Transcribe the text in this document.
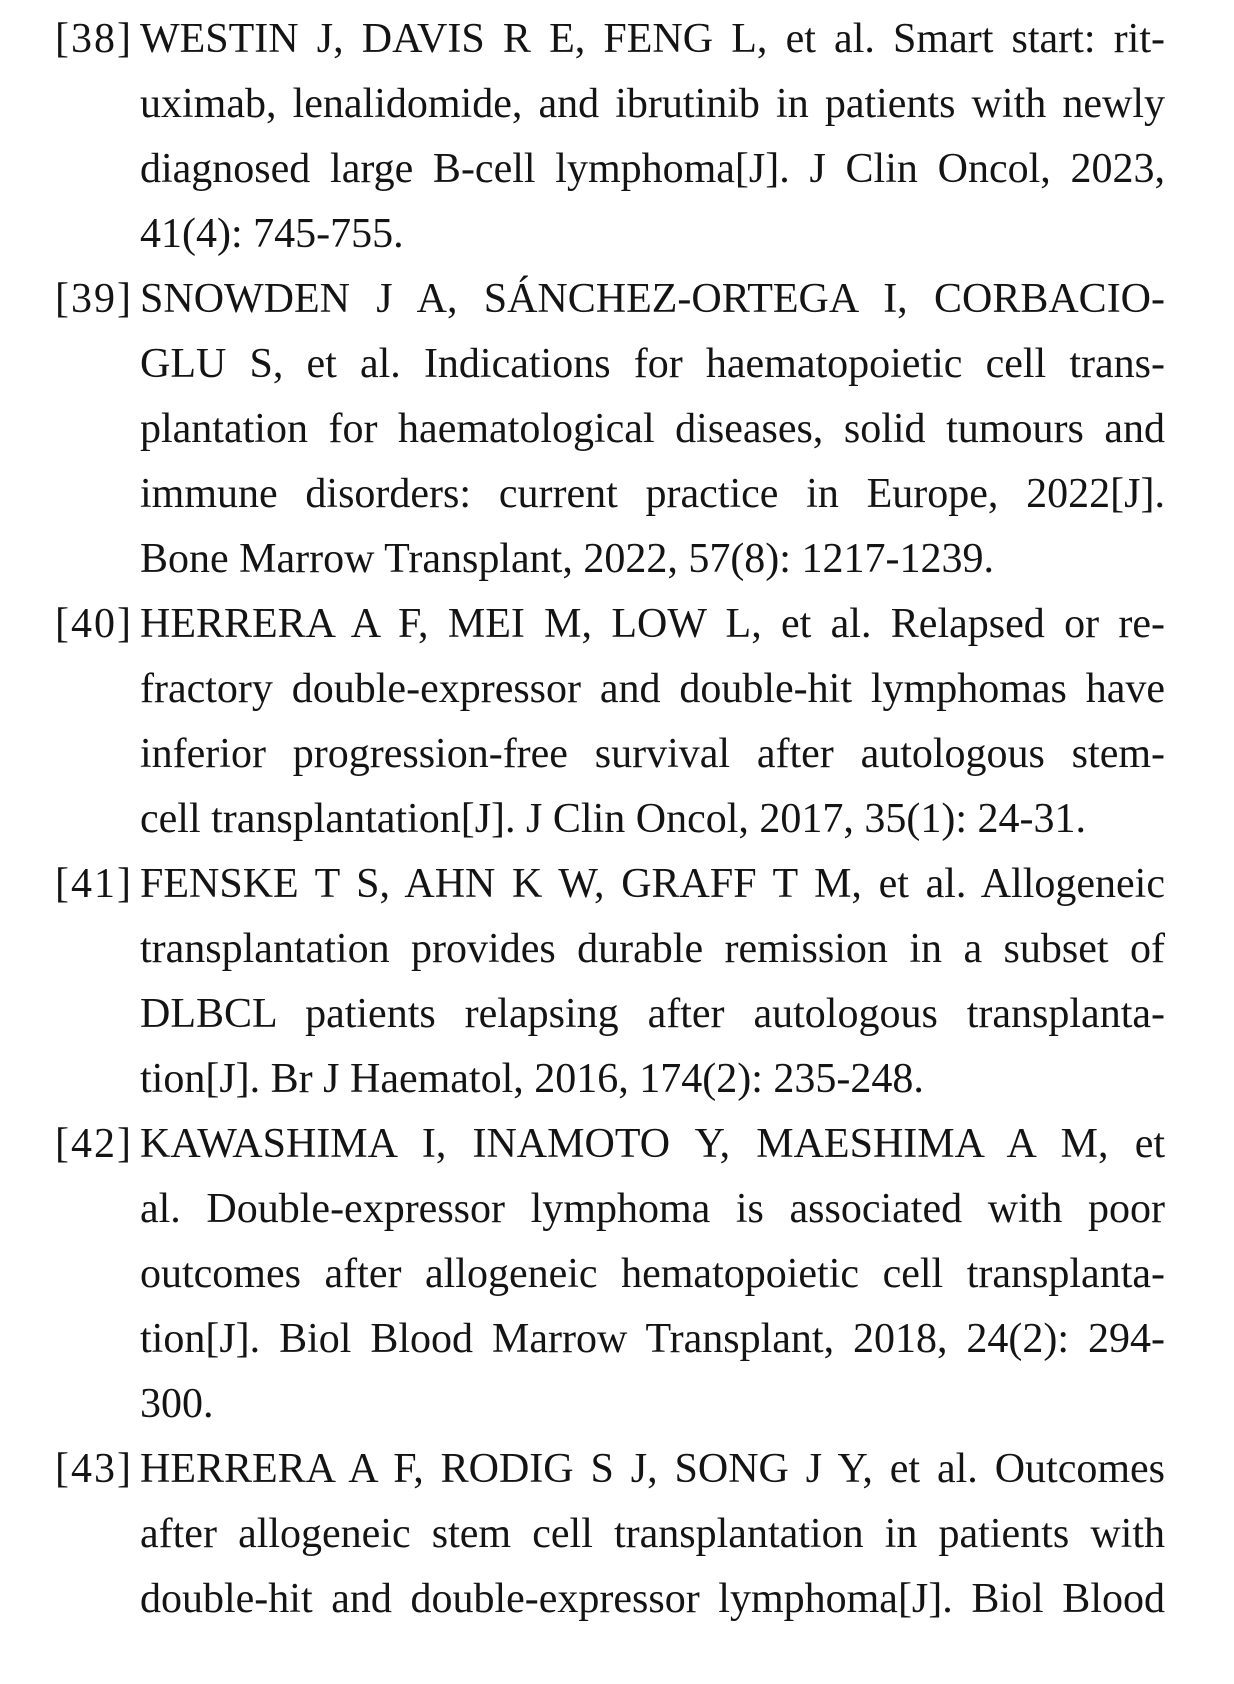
[38] WESTIN J, DAVIS R E, FENG L, et al. Smart start: rit-
uximab, lenalidomide, and ibrutinib in patients with newly
diagnosed large B-cell lymphoma[J]. J Clin Oncol, 2023,
41(4): 745-755.
[39] SNOWDEN J A, SÁNCHEZ-ORTEGA I, CORBACIO-
GLU S, et al. Indications for haematopoietic cell trans-
plantation for haematological diseases, solid tumours and
immune disorders: current practice in Europe, 2022[J].
Bone Marrow Transplant, 2022, 57(8): 1217-1239.
[40] HERRERA A F, MEI M, LOW L, et al. Relapsed or re-
fractory double-expressor and double-hit lymphomas have
inferior progression-free survival after autologous stem-
cell transplantation[J]. J Clin Oncol, 2017, 35(1): 24-31.
[41] FENSKE T S, AHN K W, GRAFF T M, et al. Allogeneic
transplantation provides durable remission in a subset of
DLBCL patients relapsing after autologous transplanta-
tion[J]. Br J Haematol, 2016, 174(2): 235-248.
[42] KAWASHIMA I, INAMOTO Y, MAESHIMA A M, et
al. Double-expressor lymphoma is associated with poor
outcomes after allogeneic hematopoietic cell transplanta-
tion[J]. Biol Blood Marrow Transplant, 2018, 24(2): 294-
300.
[43] HERRERA A F, RODIG S J, SONG J Y, et al. Outcomes
after allogeneic stem cell transplantation in patients with
double-hit and double-expressor lymphoma[J]. Biol Blood
